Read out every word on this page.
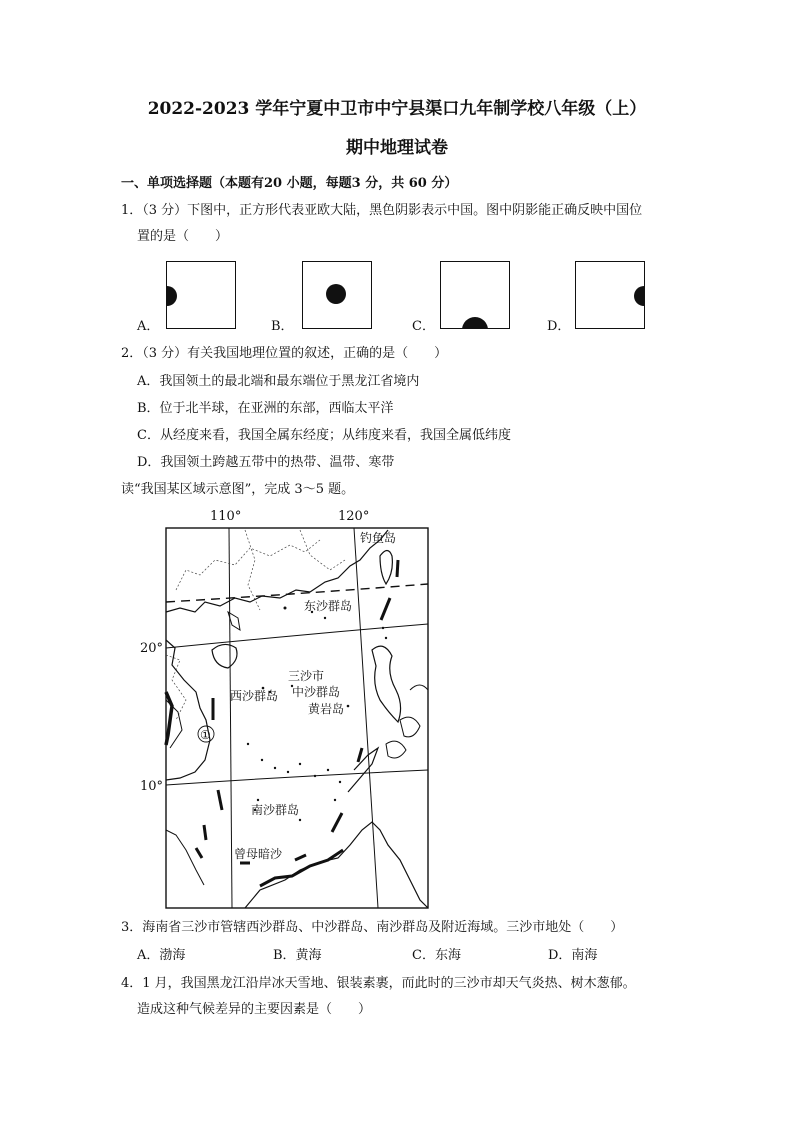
2022-2023 学年宁夏中卫市中宁县渠口九年制学校八年级（上）
期中地理试卷
一、单项选择题（本题有20 小题，每题3 分，共 60 分）
1．（3 分）下图中，正方形代表亚欧大陆，黑色阴影表示中国。图中阴影能正确反映中国位
置的是（　　）
A．	B．	C．	D．
2．（3 分）有关我国地理位置的叙述，正确的是（　　）
A．我国领土的最北端和最东端位于黑龙江省境内
B．位于北半球，在亚洲的东部，西临太平洋
C．从经度来看，我国全属东经度；从纬度来看，我国全属低纬度
D．我国领土跨越五带中的热带、温带、寒带
读“我国某区域示意图”，完成 3～5 题。
110°	120°
20°
10°
钓鱼岛
东沙群岛
三沙市
西沙群岛 中沙群岛
黄岩岛
南沙群岛
曾母暗沙
①
3．海南省三沙市管辖西沙群岛、中沙群岛、南沙群岛及附近海域。三沙市地处（　　）
A．渤海	B．黄海	C．东海	D．南海
4．1 月，我国黑龙江沿岸冰天雪地、银装素裹，而此时的三沙市却天气炎热、树木葱郁。
造成这种气候差异的主要因素是（　　）
